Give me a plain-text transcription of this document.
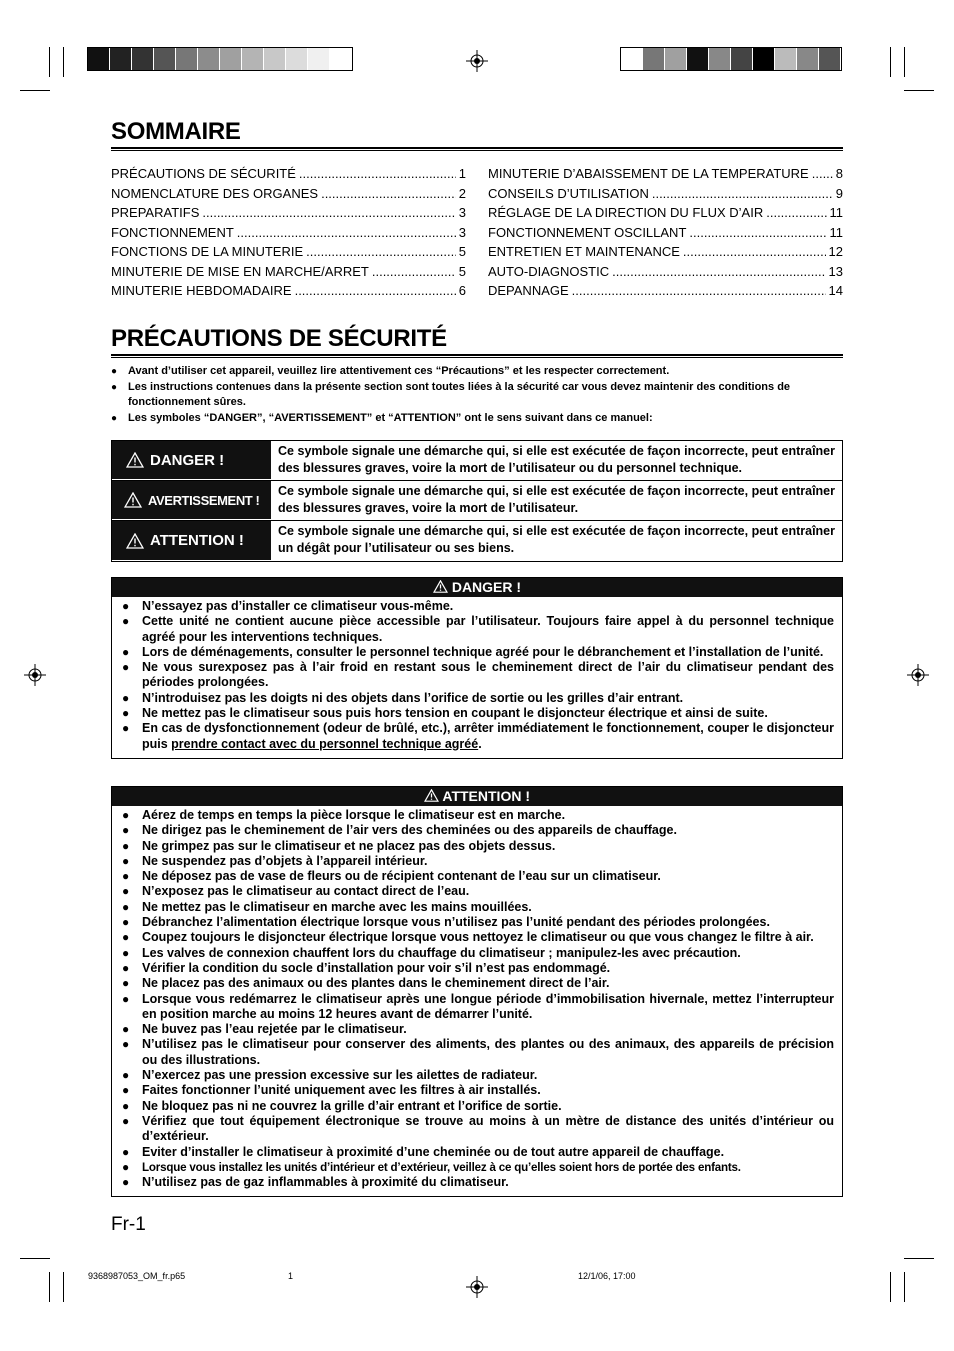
SOMMAIRE
PRÉCAUTIONS DE SÉCURITÉ .....	1
NOMENCLATURE DES ORGANES .....	2
PREPARATIFS .....	3
FONCTIONNEMENT .....	3
FONCTIONS DE LA MINUTERIE .....	5
MINUTERIE DE MISE EN MARCHE/ARRET .....	5
MINUTERIE HEBDOMADAIRE .....	6
MINUTERIE D’ABAISSEMENT DE LA TEMPERATURE ..... 8
CONSEILS D’UTILISATION .....	9
RÉGLAGE DE LA DIRECTION DU FLUX D’AIR .....	11
FONCTIONNEMENT OSCILLANT .....	11
ENTRETIEN ET MAINTENANCE .....	12
AUTO-DIAGNOSTIC .....	13
DEPANNAGE .....	14
PRÉCAUTIONS DE SÉCURITÉ
● Avant d’utiliser cet appareil, veuillez lire attentivement ces “Précautions” et les respecter correctement.
● Les instructions contenues dans la présente section sont toutes liées à la sécurité car vous devez maintenir des conditions de fonctionnement sûres.
● Les symboles “DANGER”, “AVERTISSEMENT” et “ATTENTION” ont le sens suivant dans ce manuel:
DANGER !
Ce symbole signale une démarche qui, si elle est exécutée de façon incorrecte, peut entraîner des blessures graves, voire la mort de l’utilisateur ou du personnel technique.
AVERTISSEMENT !
Ce symbole signale une démarche qui, si elle est exécutée de façon incorrecte, peut entraîner des blessures graves, voire la mort de l’utilisateur.
ATTENTION !
Ce symbole signale une démarche qui, si elle est exécutée de façon incorrecte, peut entraîner un dégât pour l’utilisateur ou ses biens.
DANGER !
● N’essayez pas d’installer ce climatiseur vous-même.
● Cette unité ne contient aucune pièce accessible par l’utilisateur. Toujours faire appel à du personnel technique agréé pour les interventions techniques.
● Lors de déménagements, consulter le personnel technique agréé pour le débranchement et l’installation de l’unité.
● Ne vous surexposez pas à l’air froid en restant sous le cheminement direct de l’air du climatiseur pendant des périodes prolongées.
● N’introduisez pas les doigts ni des objets dans l’orifice de sortie ou les grilles d’air entrant.
● Ne mettez pas le climatiseur sous puis hors tension en coupant le disjoncteur électrique et ainsi de suite.
● En cas de dysfonctionnement (odeur de brûlé, etc.), arrêter immédiatement le fonctionnement, couper le disjoncteur puis prendre contact avec du personnel technique agréé.
ATTENTION !
● Aérez de temps en temps la pièce lorsque le climatiseur est en marche.
● Ne dirigez pas le cheminement de l’air vers des cheminées ou des appareils de chauffage.
● Ne grimpez pas sur le climatiseur et ne placez pas des objets dessus.
● Ne suspendez pas d’objets à l’appareil intérieur.
● Ne déposez pas de vase de fleurs ou de récipient contenant de l’eau sur un climatiseur.
● N’exposez pas le climatiseur au contact direct de l’eau.
● Ne mettez pas le climatiseur en marche avec les mains mouillées.
● Débranchez l’alimentation électrique lorsque vous n’utilisez pas l’unité pendant des périodes prolongées.
● Coupez toujours le disjoncteur électrique lorsque vous nettoyez le climatiseur ou que vous changez le filtre à air.
● Les valves de connexion chauffent lors du chauffage du climatiseur ; manipulez-les avec précaution.
● Vérifier la condition du socle d’installation pour voir s’il n’est pas endommagé.
● Ne placez pas des animaux ou des plantes dans le cheminement direct de l’air.
● Lorsque vous redémarrez le climatiseur après une longue période d’immobilisation hivernale, mettez l’interrupteur en position marche au moins 12 heures avant de démarrer l’unité.
● Ne buvez pas l’eau rejetée par le climatiseur.
● N’utilisez pas le climatiseur pour conserver des aliments, des plantes ou des animaux, des appareils de précision ou des illustrations.
● N’exercez pas une pression excessive sur les ailettes de radiateur.
● Faites fonctionner l’unité uniquement avec les filtres à air installés.
● Ne bloquez pas ni ne couvrez la grille d’air entrant et l’orifice de sortie.
● Vérifiez que tout équipement électronique se trouve au moins à un mètre de distance des unités d’intérieur ou d’extérieur.
● Eviter d’installer le climatiseur à proximité d’une cheminée ou de tout autre appareil de chauffage.
● Lorsque vous installez les unités d’intérieur et d’extérieur, veillez à ce qu’elles soient hors de portée des enfants.
● N’utilisez pas de gaz inflammables à proximité du climatiseur.
Fr-1
9368987053_OM_fr.p65	1	12/1/06, 17:00
